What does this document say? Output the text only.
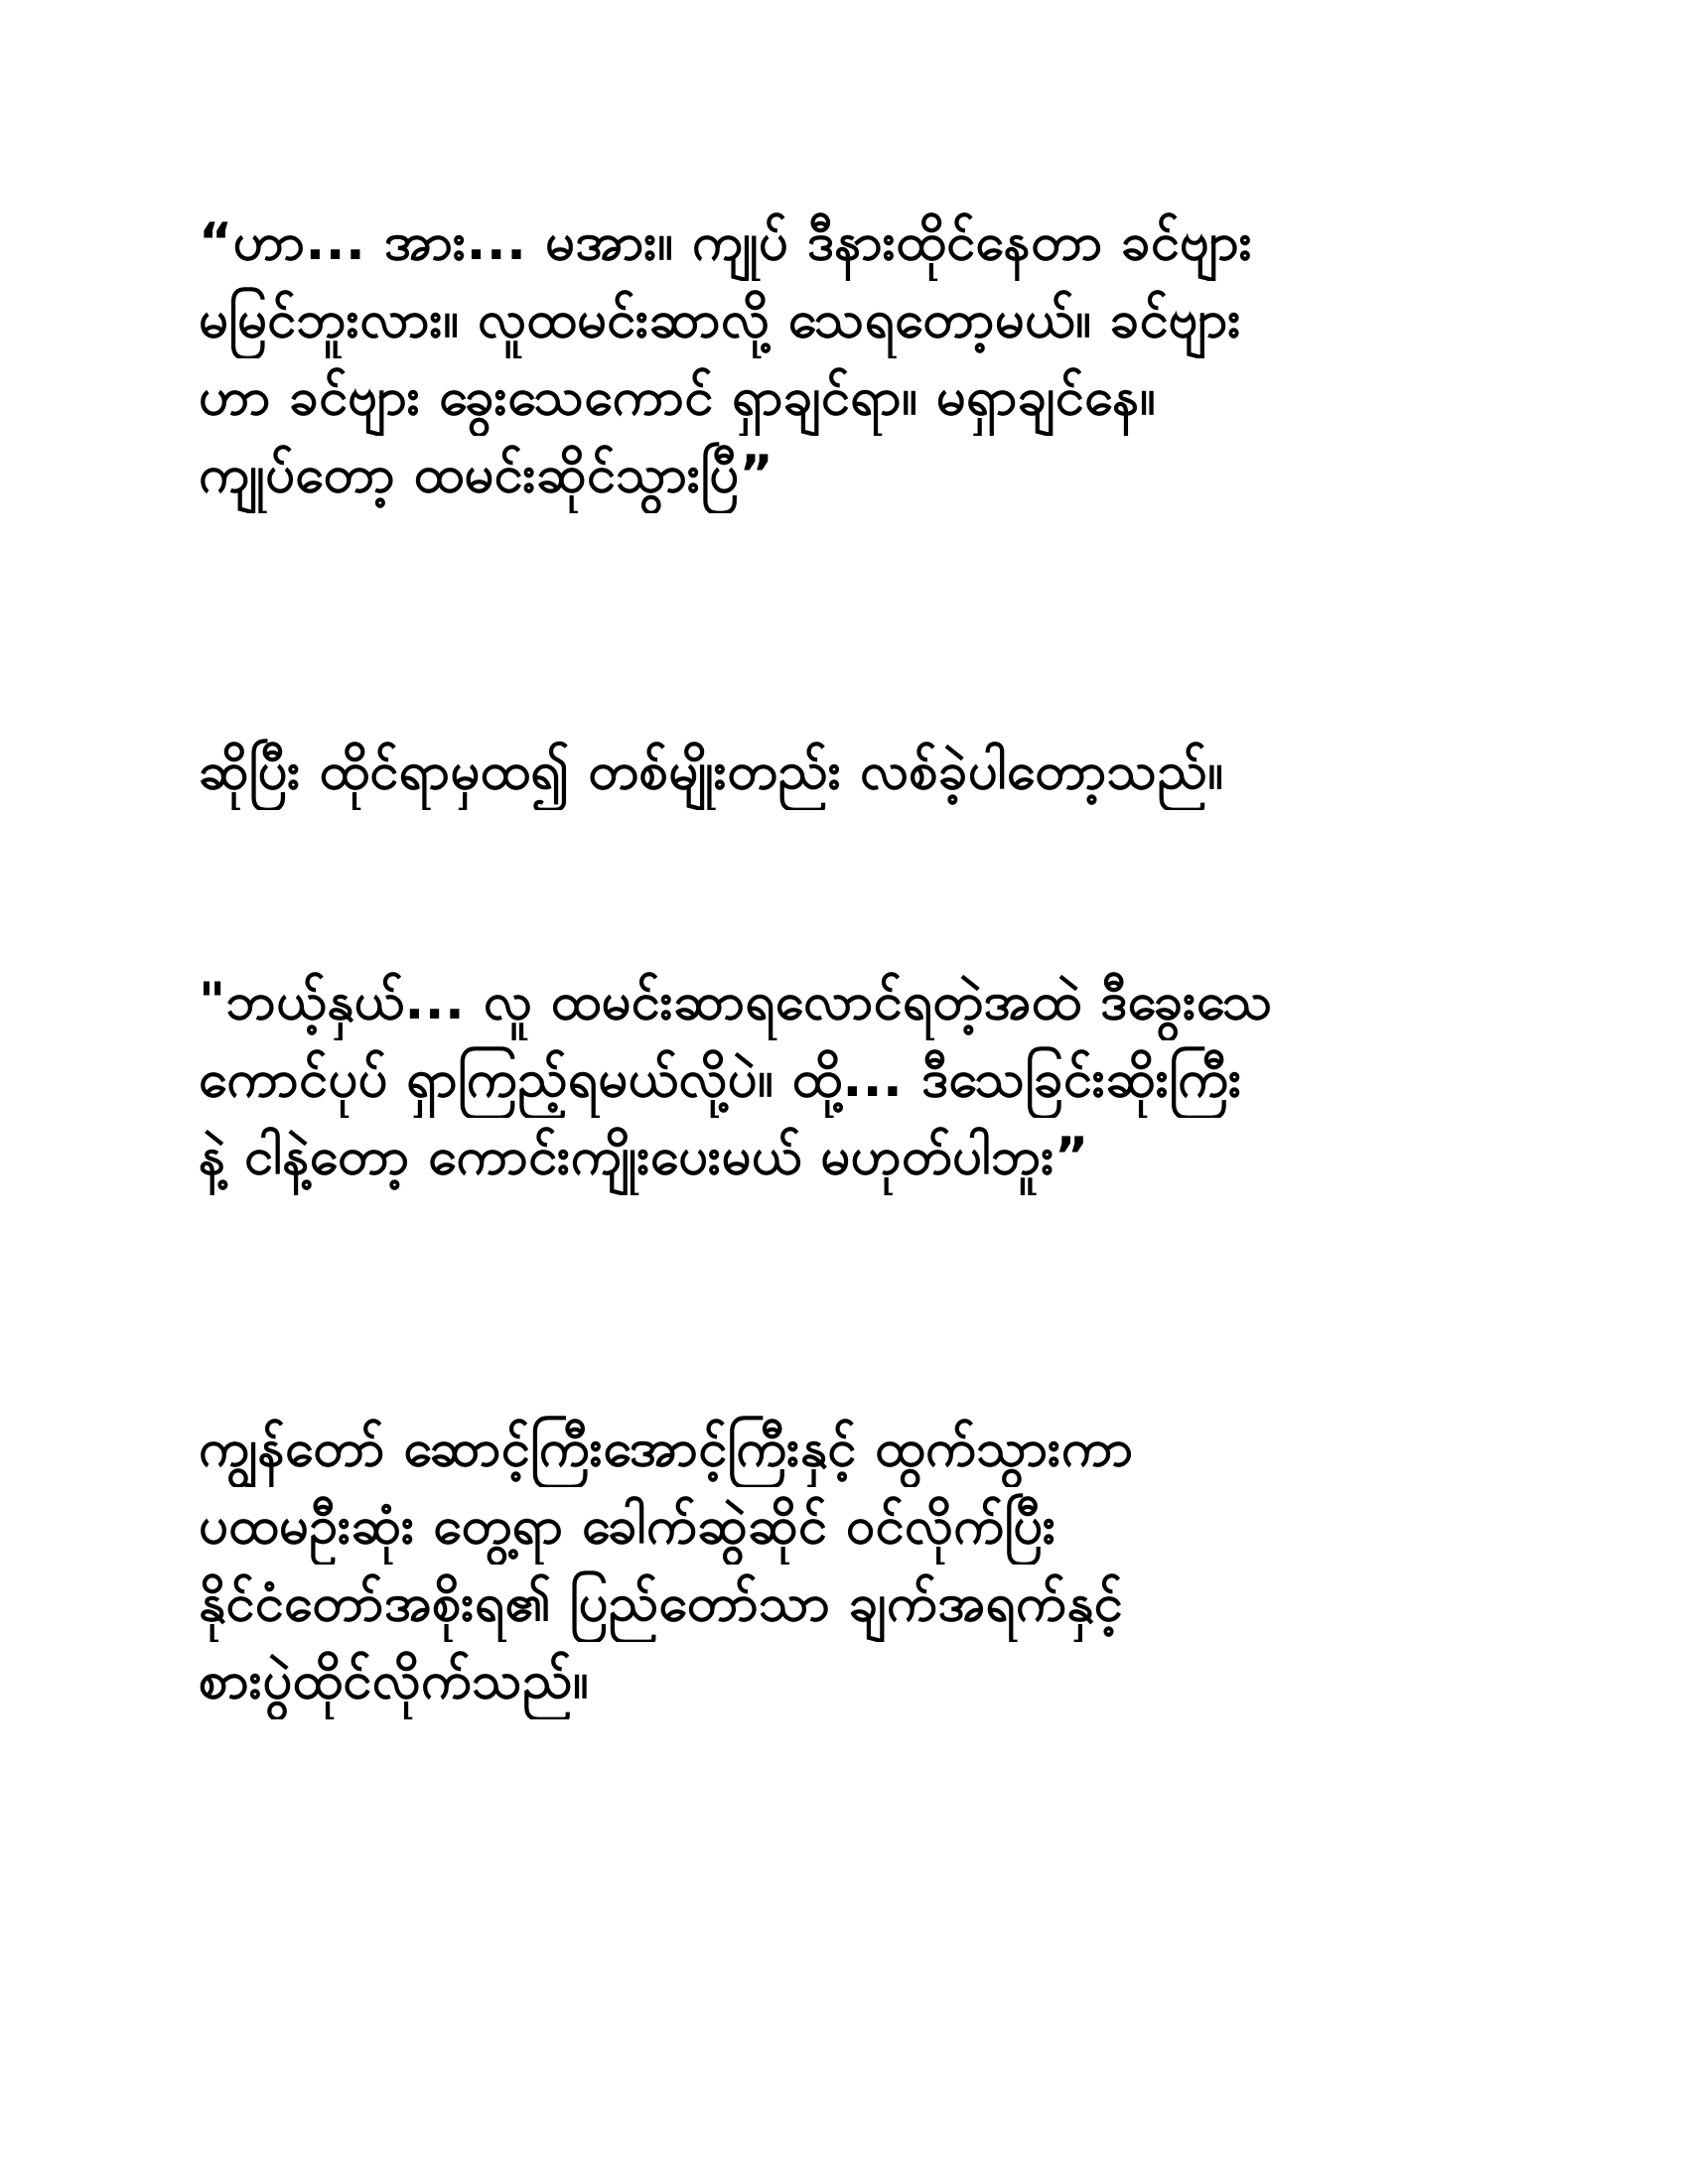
“ဟာ... အား... မအား။ ကျုပ် ဒီနားထိုင်နေတာ ခင်ဗျား
မမြင်ဘူးလား။ လူထမင်းဆာလို့ သေရတော့မယ်။ ခင်ဗျား
ဟာ ခင်ဗျား ခွေးသေကောင် ရှာချင်ရာ။ မရှာချင်နေ။
ကျုပ်တော့ ထမင်းဆိုင်သွားပြီ”
ဆိုပြီး ထိုင်ရာမှထ၍ တစ်မျိုးတည်း လစ်ခဲ့ပါတော့သည်။
"ဘယ့်နှယ်... လူ ထမင်းဆာရလောင်ရတဲ့အထဲ ဒီခွေးသေ
ကောင်ပုပ် ရှာကြည့်ရမယ်လို့ပဲ။ ထို့... ဒီသေခြင်းဆိုးကြီး
နဲ့ ငါနဲ့တော့ ကောင်းကျိုးပေးမယ် မဟုတ်ပါဘူး”
ကျွန်တော် ဆောင့်ကြီးအောင့်ကြီးနှင့် ထွက်သွားကာ
ပထမဦးဆုံး တွေ့ရာ ခေါက်ဆွဲဆိုင် ဝင်လိုက်ပြီး
နိုင်ငံတော်အစိုးရ၏ ပြည်တော်သာ ချက်အရက်နှင့်
စားပွဲထိုင်လိုက်သည်။
